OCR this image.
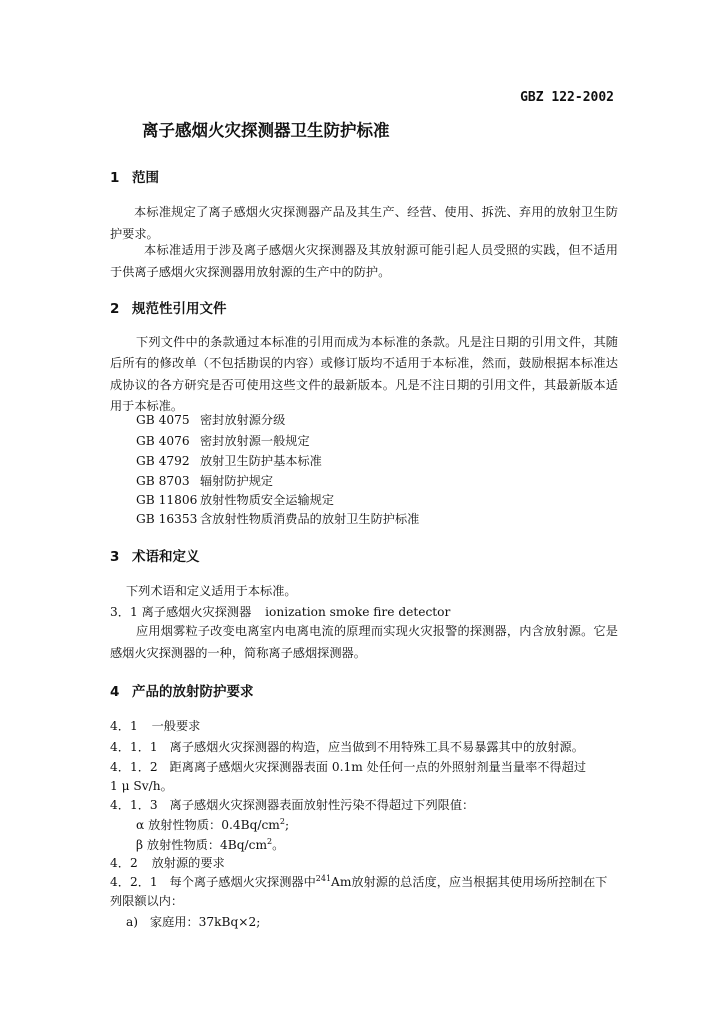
GBZ 122-2002
离子感烟火灾探测器卫生防护标准
1 范围
本标准规定了离子感烟火灾探测器产品及其生产、经营、使用、拆洗、弃用的放射卫生防护要求。
本标准适用于涉及离子感烟火灾探测器及其放射源可能引起人员受照的实践，但不适用于供离子感烟火灾探测器用放射源的生产中的防护。
2 规范性引用文件
下列文件中的条款通过本标准的引用而成为本标准的条款。凡是注日期的引用文件，其随后所有的修改单（不包括勘误的内容）或修订版均不适用于本标准，然而，鼓励根据本标准达成协议的各方研究是否可使用这些文件的最新版本。凡是不注日期的引用文件，其最新版本适用于本标准。
GB 4075 密封放射源分级
GB 4076 密封放射源一般规定
GB 4792 放射卫生防护基本标准
GB 8703 辐射防护规定
GB 11806 放射性物质安全运输规定
GB 16353 含放射性物质消费品的放射卫生防护标准
3 术语和定义
下列术语和定义适用于本标准。
3．1 离子感烟火灾探测器 ionization smoke fire detector
应用烟雾粒子改变电离室内电离电流的原理而实现火灾报警的探测器，内含放射源。它是感烟火灾探测器的一种，简称离子感烟探测器。
4 产品的放射防护要求
4．1 一般要求
4．1．1 离子感烟火灾探测器的构造，应当做到不用特殊工具不易暴露其中的放射源。
4．1．2 距离离子感烟火灾探测器表面 0.1m 处任何一点的外照射剂量当量率不得超过
1 μ Sv/h。
4．1．3 离子感烟火灾探测器表面放射性污染不得超过下列限值：
α 放射性物质：$0.4Bq/cm^2$;
β 放射性物质：$4Bq/cm^2$。
4．2 放射源的要求
4．2．1 每个离子感烟火灾探测器中$^{241}$Am放射源的总活度，应当根据其使用场所控制在下
列限额以内：
a) 家庭用：37kBq×2;
